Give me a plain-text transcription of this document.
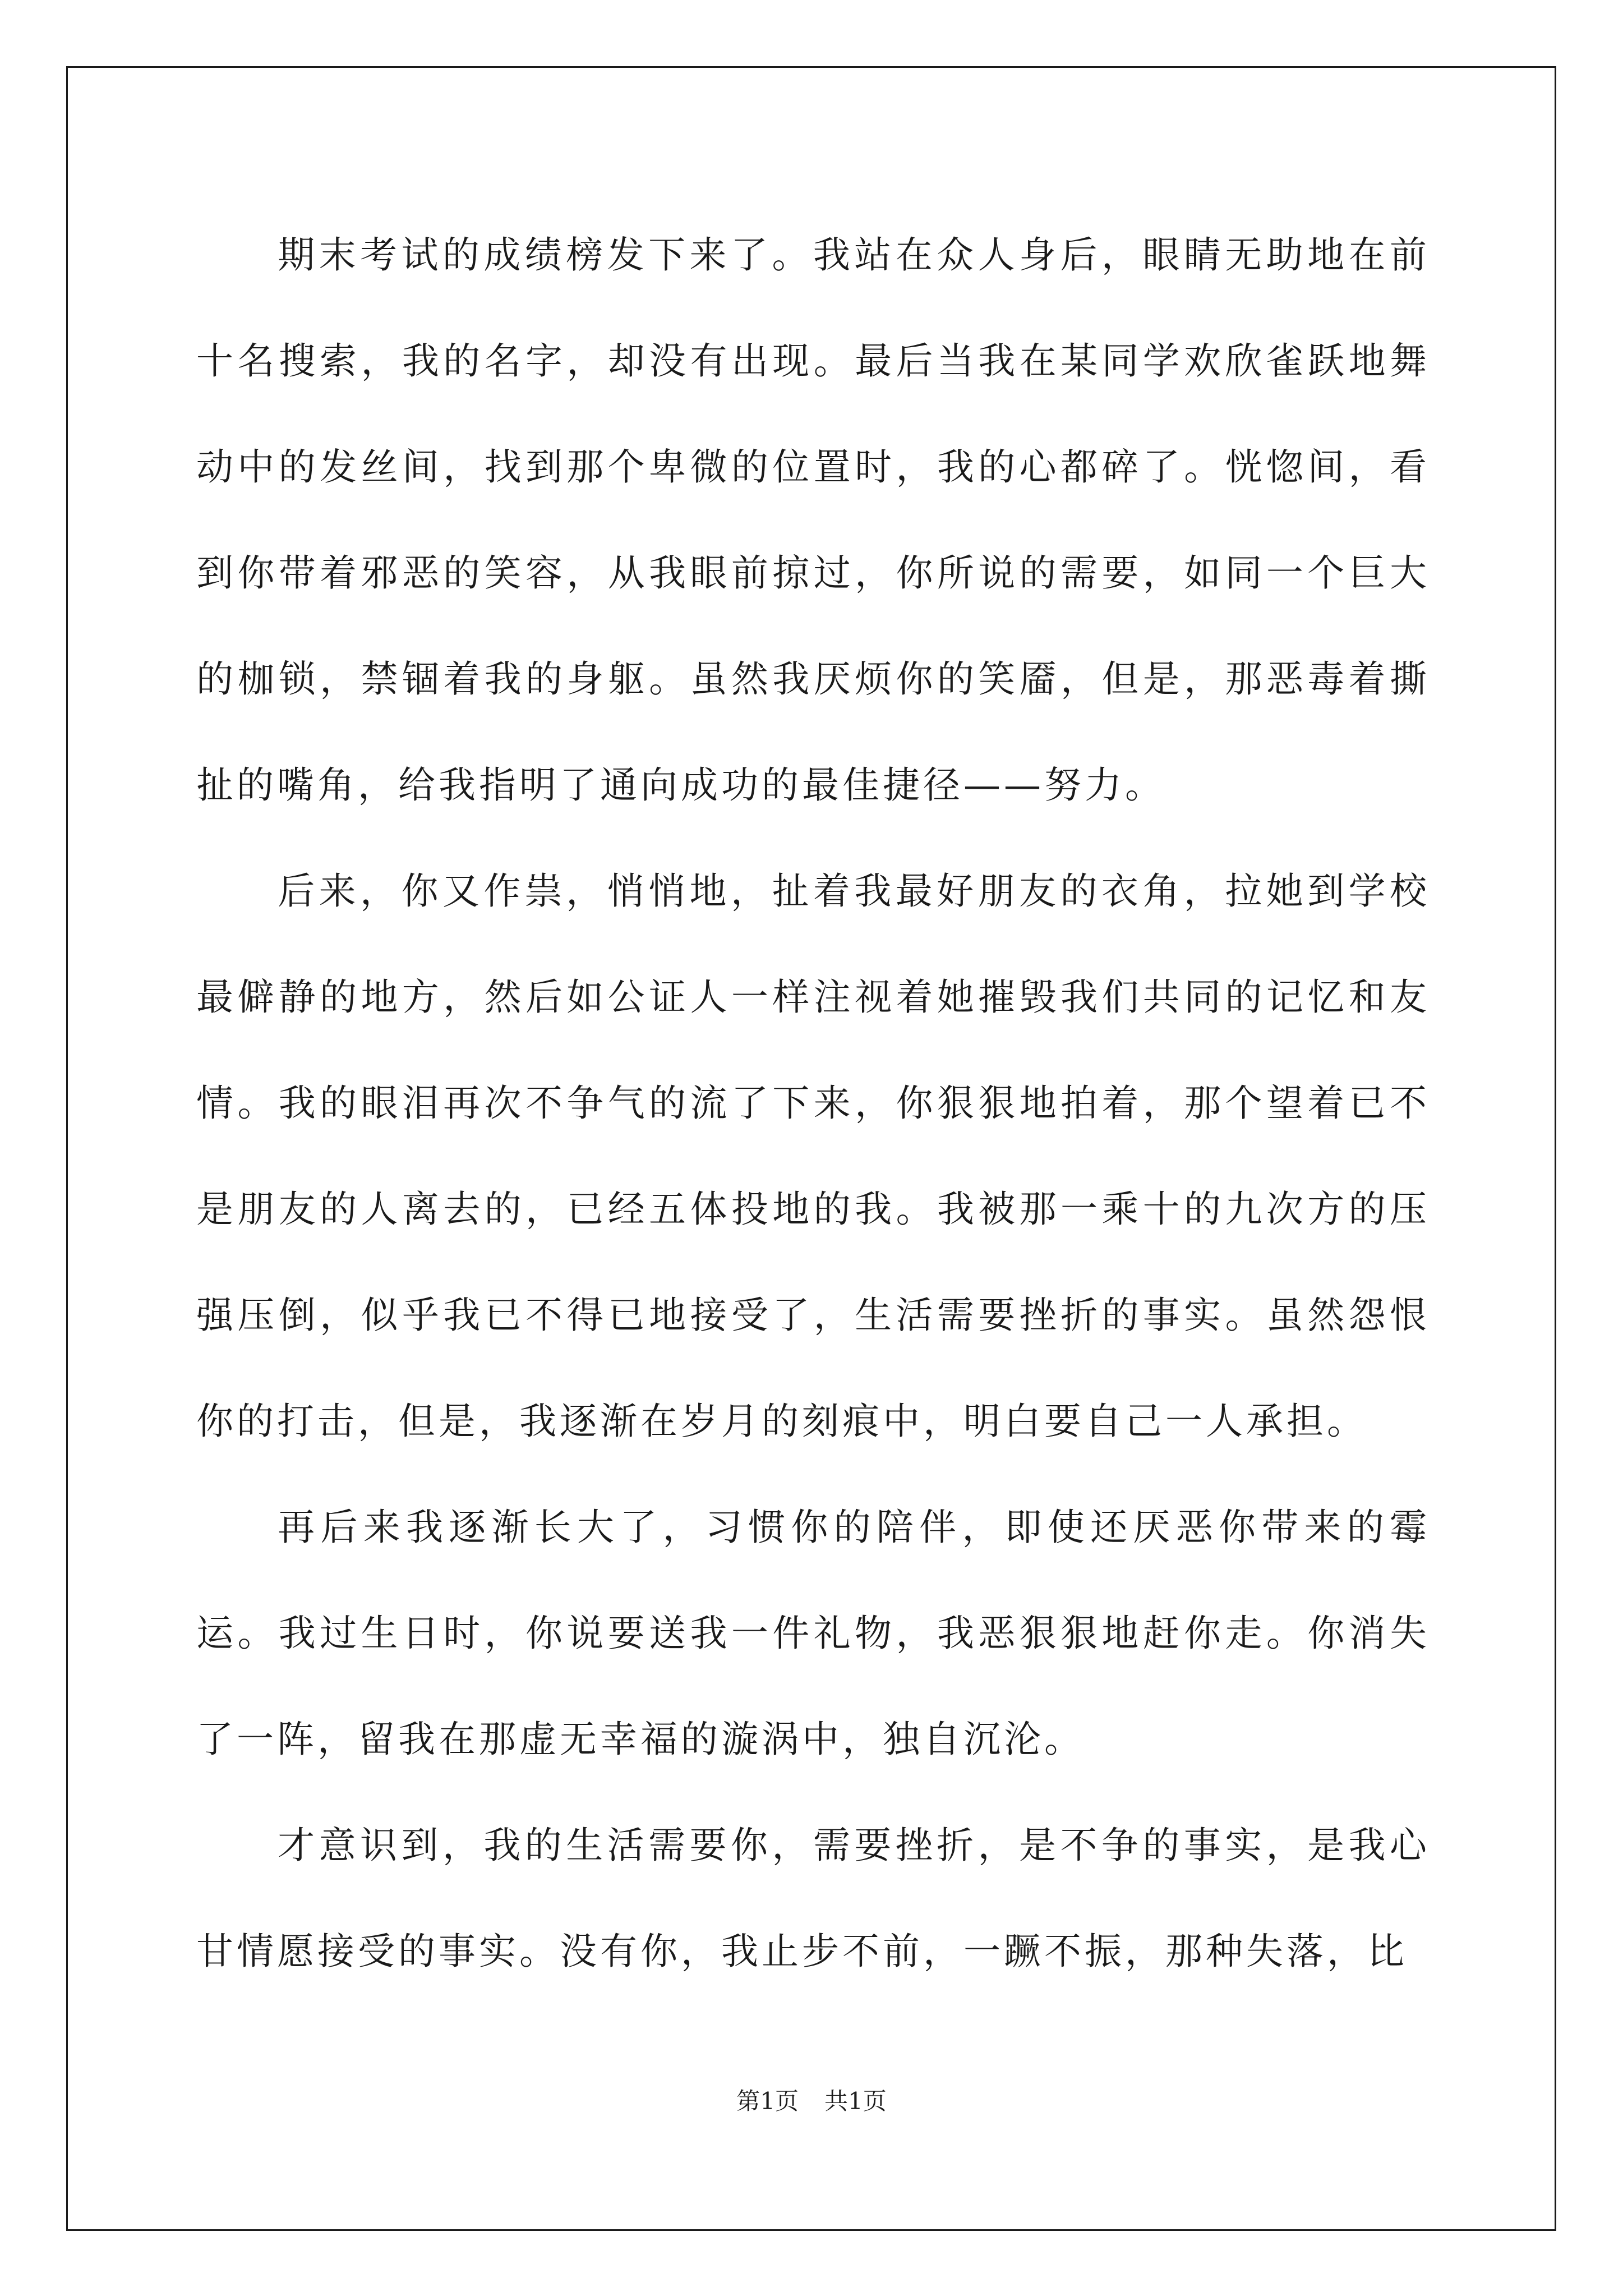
期末考试的成绩榜发下来了。我站在众人身后，眼睛无助地在前十名搜索，我的名字，却没有出现。最后当我在某同学欢欣雀跃地舞动中的发丝间，找到那个卑微的位置时，我的心都碎了。恍惚间，看到你带着邪恶的笑容，从我眼前掠过，你所说的需要，如同一个巨大的枷锁，禁锢着我的身躯。虽然我厌烦你的笑靥，但是，那恶毒着撕扯的嘴角，给我指明了通向成功的最佳捷径——努力。

后来，你又作祟，悄悄地，扯着我最好朋友的衣角，拉她到学校最僻静的地方，然后如公证人一样注视着她摧毁我们共同的记忆和友情。我的眼泪再次不争气的流了下来，你狠狠地拍着，那个望着已不是朋友的人离去的，已经五体投地的我。我被那一乘十的九次方的压强压倒，似乎我已不得已地接受了，生活需要挫折的事实。虽然怨恨你的打击，但是，我逐渐在岁月的刻痕中，明白要自己一人承担。

再后来我逐渐长大了，习惯你的陪伴，即使还厌恶你带来的霉运。我过生日时，你说要送我一件礼物，我恶狠狠地赶你走。你消失了一阵，留我在那虚无幸福的漩涡中，独自沉沦。

才意识到，我的生活需要你，需要挫折，是不争的事实，是我心甘情愿接受的事实。没有你，我止步不前，一蹶不振，那种失落，比

第1页 共1页
